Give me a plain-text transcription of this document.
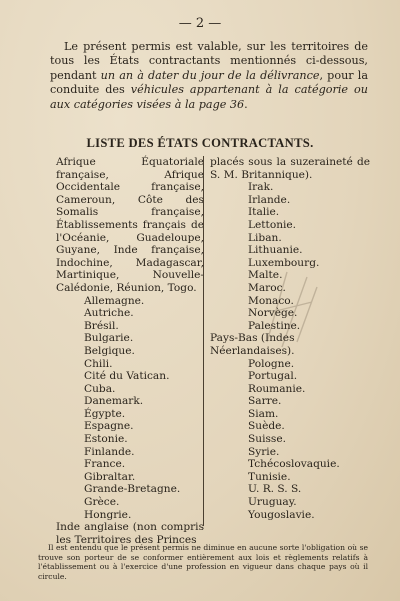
— 2 —

Le présent permis est valable, sur les territoires de tous les États contractants mentionnés ci-dessous, pendant un an à dater du jour de la délivrance, pour la conduite des véhicules appartenant à la catégorie ou aux catégories visées à la page 36.

LISTE DES ÉTATS CONTRACTANTS.

Afrique Équatoriale française, Afrique Occidentale française, Cameroun, Côte des Somalis française, Établissements français de l'Océanie, Guadeloupe, Guyane, Inde française, Indochine, Madagascar, Martinique, Nouvelle-Calédonie, Réunion, Togo.

Allemagne.
Autriche.
Brésil.
Bulgarie.
Belgique.
Chili.
Cité du Vatican.
Cuba.
Danemark.
Égypte.
Espagne.
Estonie.
Finlande.
France.
Gibraltar.
Grande-Bretagne.
Grèce.
Hongrie.

Inde anglaise (non compris les Territoires des Princes

placés sous la suzeraineté de S. M. Britannique).

Irak.
Irlande.
Italie.
Lettonie.
Liban.
Lithuanie.
Luxembourg.
Malte.
Maroc.
Monaco.
Norvège.
Palestine.
Pays-Bas (Indes Néerlandaises).
Pologne.
Portugal.
Roumanie.
Sarre.
Siam.
Suède.
Suisse.
Syrie.
Tchécoslovaquie.
Tunisie.
U. R. S. S.
Uruguay.
Yougoslavie.

Il est entendu que le présent permis ne diminue en aucune sorte l'obligation où se trouve son porteur de se conformer entièrement aux lois et règlements relatifs à l'établissement ou à l'exercice d'une profession en vigueur dans chaque pays où il circule.
